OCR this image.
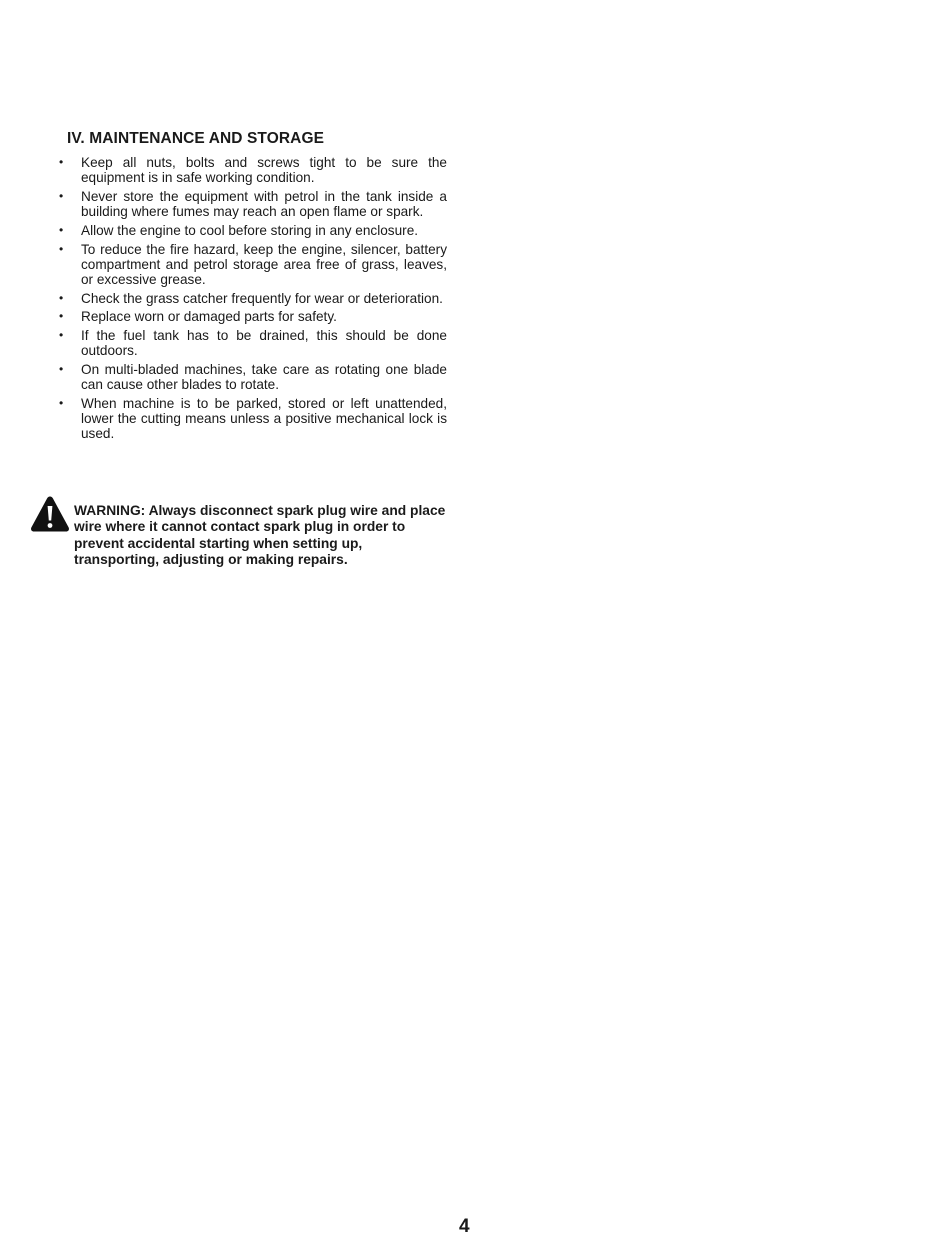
IV. MAINTENANCE AND STORAGE
• Keep all nuts, bolts and screws tight to be sure the equipment is in safe working condition.
• Never store the equipment with petrol in the tank inside a building where fumes may reach an open flame or spark.
• Allow the engine to cool before storing in any enclosure.
• To reduce the fire hazard, keep the engine, silencer, battery compartment and petrol storage area free of grass, leaves, or excessive grease.
• Check the grass catcher frequently for wear or deterioration.
• Replace worn or damaged parts for safety.
• If the fuel tank has to be drained, this should be done outdoors.
• On multi-bladed machines, take care as rotating one blade can cause other blades to rotate.
• When machine is to be parked, stored or left unattended, lower the cutting means unless a positive mechanical lock is used.

WARNING: Always disconnect spark plug wire and place wire where it cannot contact spark plug in order to prevent accidental starting when setting up, transporting, adjusting or making repairs.

4
